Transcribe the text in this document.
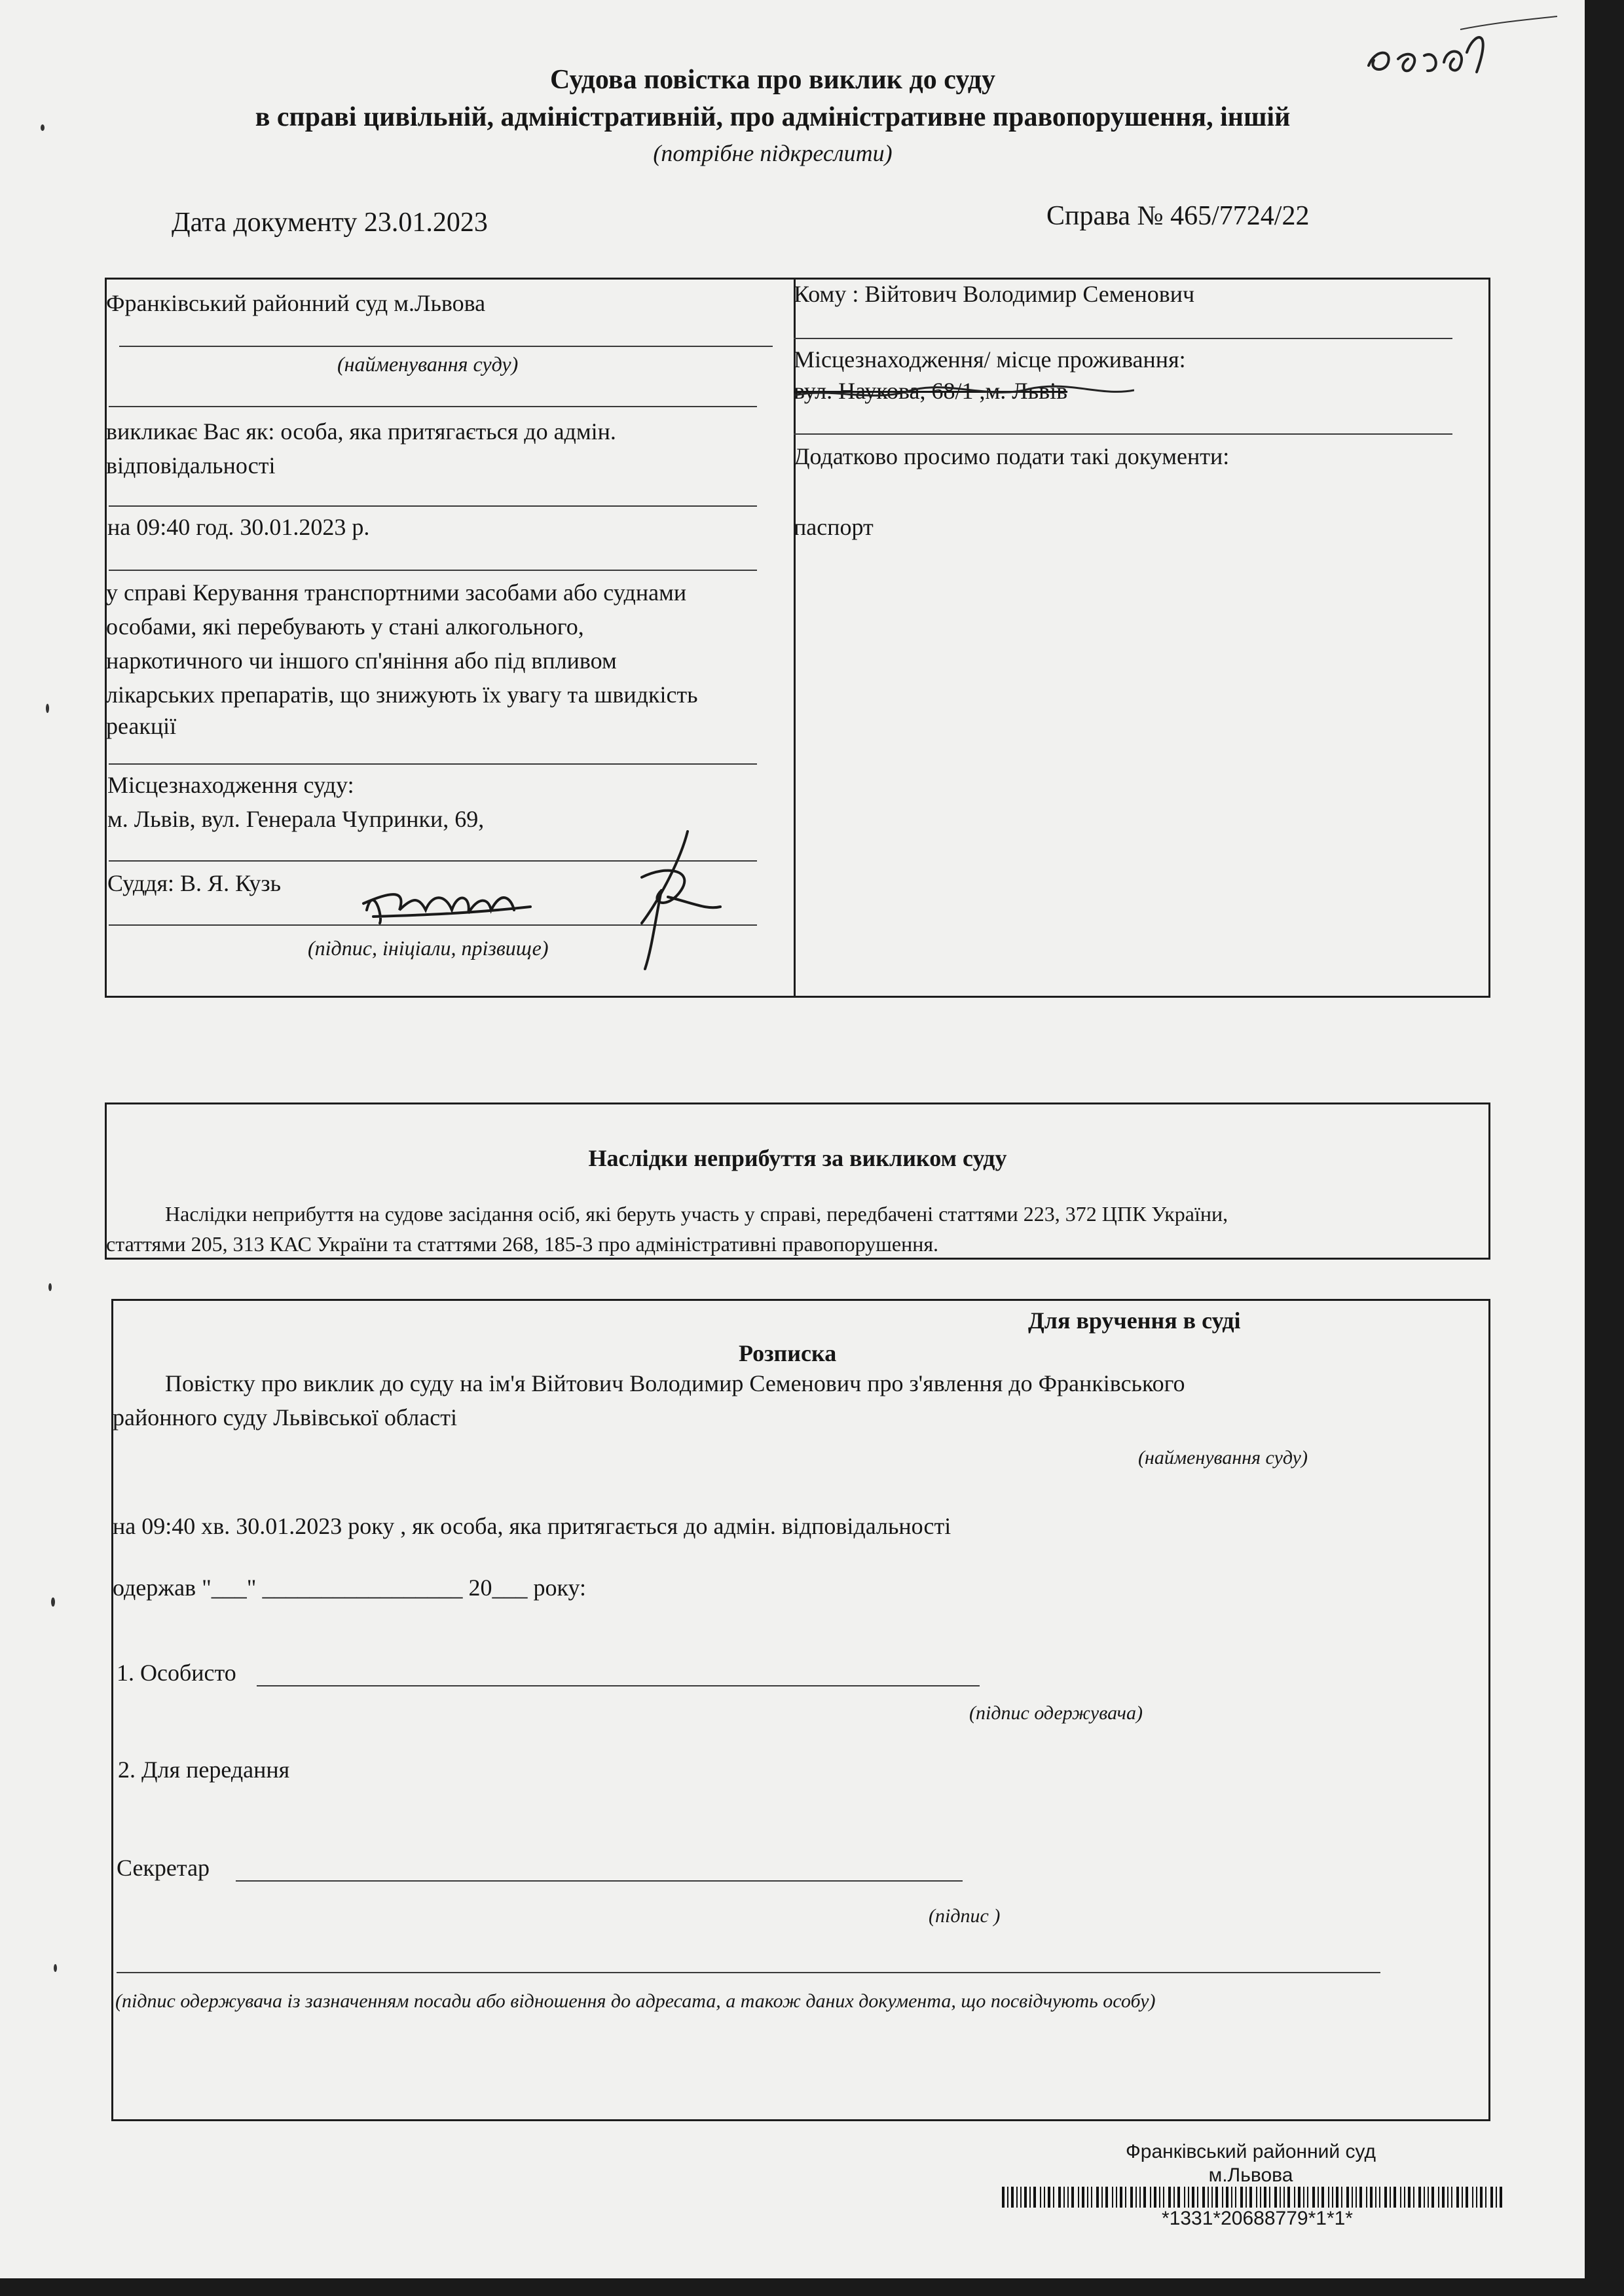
Судова повістка про виклик до суду
в справі цивільній, адміністративній, про адміністративне правопорушення, іншій
(потрібне підкреслити)
Дата документу 23.01.2023	Справа № 465/7724/22
Франківський районний суд м.Львова
(найменування суду)
викликає Вас як: особа, яка притягається до адмін.
відповідальності
на 09:40 год. 30.01.2023 р.
у справі Керування транспортними засобами або суднами
особами, які перебувають у стані алкогольного,
наркотичного чи іншого сп'яніння або під впливом
лікарських препаратів, що знижують їх увагу та швидкість
реакції
Місцезнаходження суду:
м. Львів, вул. Генерала Чупринки, 69,
Суддя: В. Я. Кузь
(підпис, ініціали, прізвище)
Кому : Війтович Володимир Семенович
Місцезнаходження/ місце проживання:
вул. Наукова, 68/1 ,м. Львів
Додатково просимо подати такі документи:
паспорт
Наслідки неприбуття за викликом суду
Наслідки неприбуття на судове засідання осіб, які беруть участь у справі, передбачені статтями 223, 372 ЦПК України,
статтями 205, 313 КАС України та статтями 268, 185-3 про адміністративні правопорушення.
Для вручення в суді
Розписка
Повістку про виклик до суду на ім'я Війтович Володимир Семенович про з'явлення до Франківського
районного суду Львівської області
(найменування суду)
на 09:40 хв. 30.01.2023 року , як особа, яка притягається до адмін. відповідальності
одержав "___" _________________ 20___ року:
1. Особисто
(підпис одержувача)
2. Для передання
Секретар
(підпис )
(підпис одержувача із зазначенням посади або відношення до адресата, а також даних документа, що посвідчують особу)
Франківський районний суд
м.Львова
*1331*20688779*1*1*
